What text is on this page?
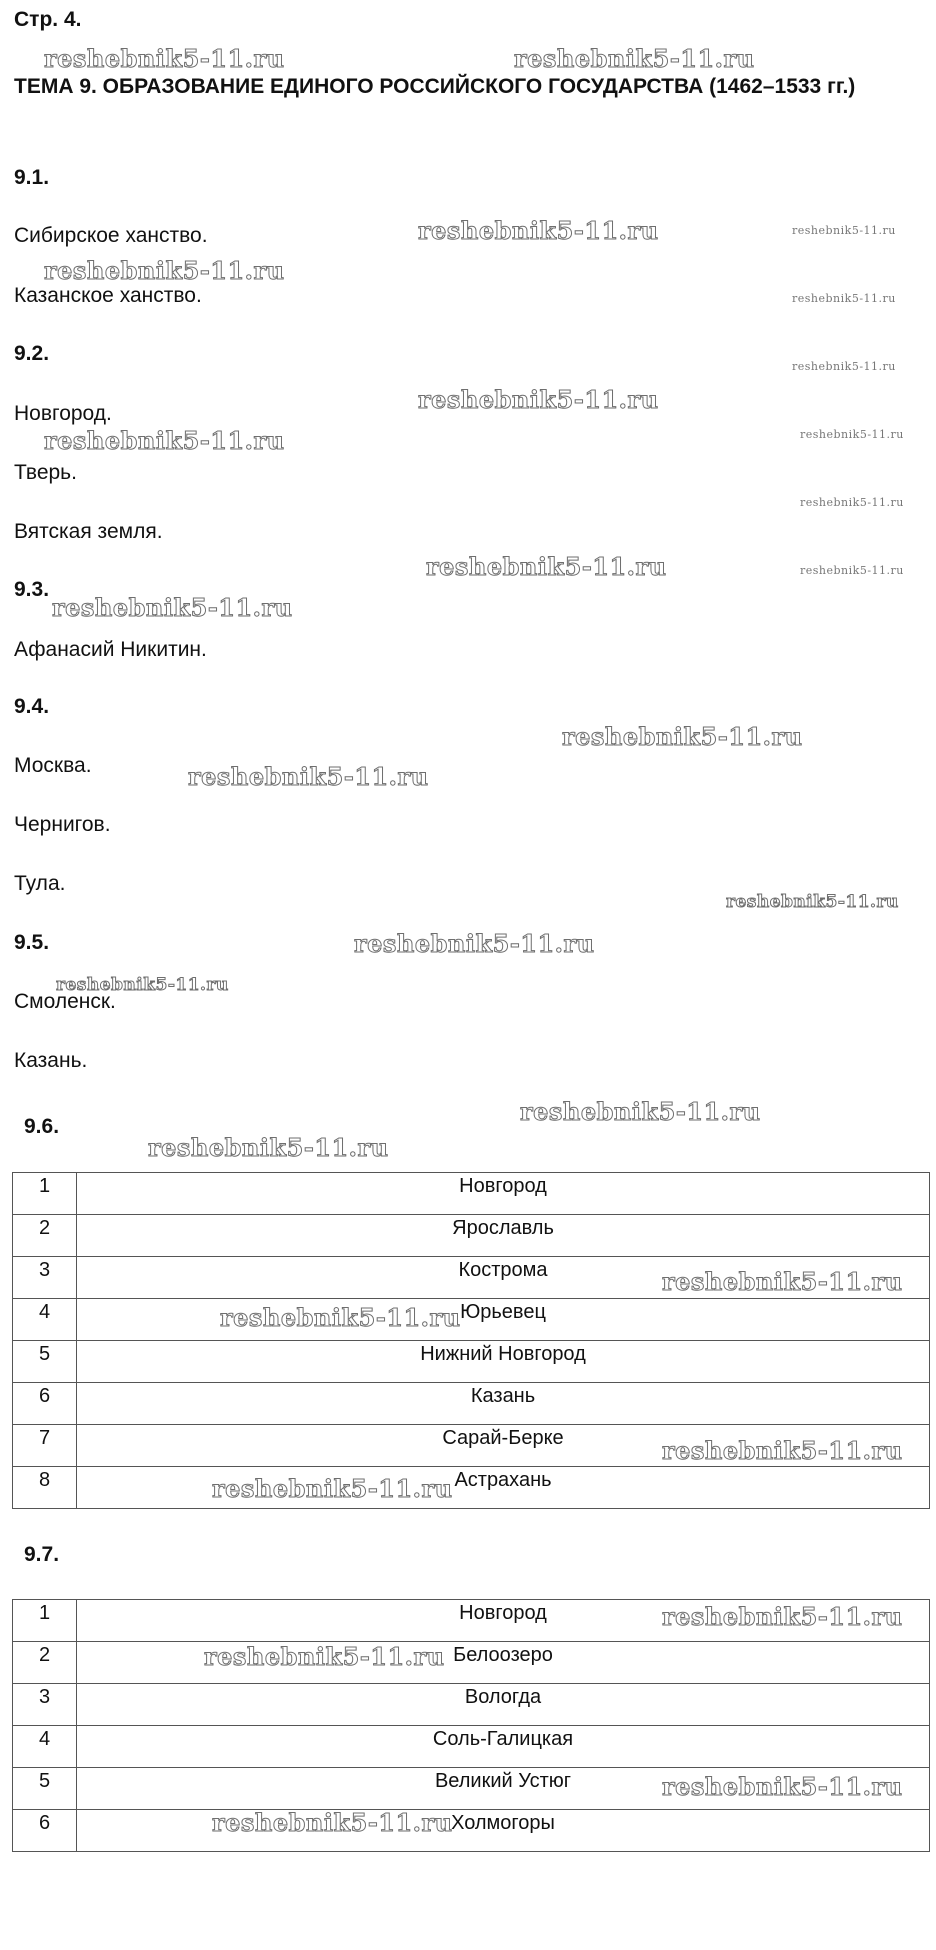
Стр. 4.
ТЕМА 9. ОБРАЗОВАНИЕ ЕДИНОГО РОССИЙСКОГО ГОСУДАРСТВА (1462–1533 гг.)
9.1.
Сибирское ханство.
Казанское ханство.
9.2.
Новгород.
Тверь.
Вятская земля.
9.3.
Афанасий Никитин.
9.4.
Москва.
Чернигов.
Тула.
9.5.
Смоленск.
Казань.
9.6.
1	Новгород
2	Ярославль
3	Кострома
4	Юрьевец
5	Нижний Новгород
6	Казань
7	Сарай-Берке
8	Астрахань
9.7.
1	Новгород
2	Белоозеро
3	Вологда
4	Соль-Галицкая
5	Великий Устюг
6	Холмогоры
reshebnik5-11.ru	reshebnik5-11.ru
reshebnik5-11.ru	reshebnik5-11.ru
reshebnik5-11.ru
reshebnik5-11.ru
reshebnik5-11.ru
reshebnik5-11.ru
reshebnik5-11.ru	reshebnik5-11.ru
reshebnik5-11.ru
reshebnik5-11.ru	reshebnik5-11.ru
reshebnik5-11.ru
reshebnik5-11.ru
reshebnik5-11.ru
reshebnik5-11.ru
reshebnik5-11.ru
reshebnik5-11.ru
reshebnik5-11.ru
reshebnik5-11.ru
reshebnik5-11.ru
reshebnik5-11.ru
reshebnik5-11.ru
reshebnik5-11.ru
reshebnik5-11.ru
reshebnik5-11.ru
reshebnik5-11.ru
reshebnik5-11.ru
